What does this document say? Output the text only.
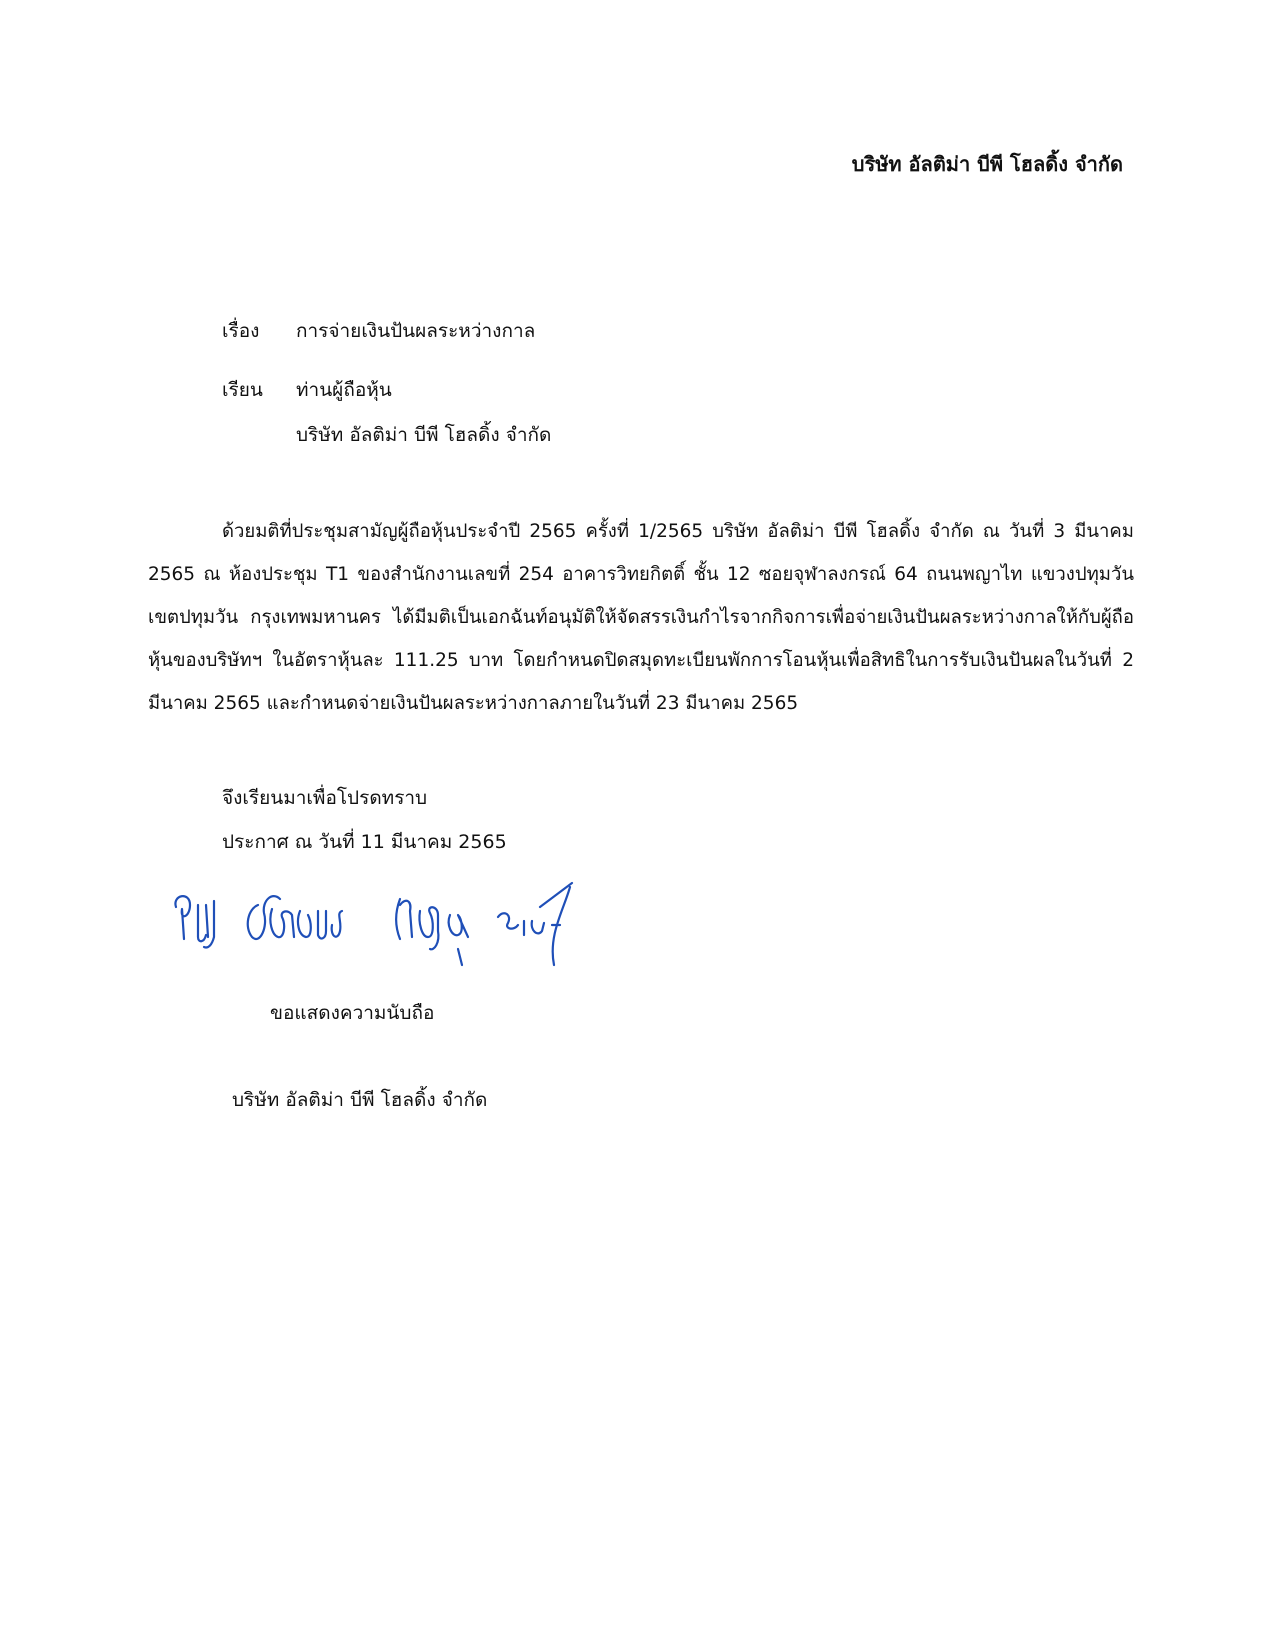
บริษัท อัลติม่า บีพี โฮลดิ้ง จำกัด
เรื่อง การจ่ายเงินปันผลระหว่างกาล
เรียน ท่านผู้ถือหุ้น
บริษัท อัลติม่า บีพี โฮลดิ้ง จำกัด
ด้วยมติที่ประชุมสามัญผู้ถือหุ้นประจำปี 2565 ครั้งที่ 1/2565 บริษัท อัลติม่า บีพี โฮลดิ้ง จำกัด ณ วันที่ 3 มีนาคม 2565 ณ ห้องประชุม T1 ของสำนักงานเลขที่ 254 อาคารวิทยกิตติ์ ชั้น 12 ซอยจุฬาลงกรณ์ 64 ถนนพญาไท แขวงปทุมวัน เขตปทุมวัน กรุงเทพมหานคร ได้มีมติเป็นเอกฉันท์อนุมัติให้จัดสรรเงินกำไรจากกิจการเพื่อจ่ายเงินปันผลระหว่างกาลให้กับผู้ถือหุ้นของบริษัทฯ ในอัตราหุ้นละ 111.25 บาท โดยกำหนดปิดสมุดทะเบียนพักการโอนหุ้นเพื่อสิทธิในการรับเงินปันผลในวันที่ 2 มีนาคม 2565 และกำหนดจ่ายเงินปันผลระหว่างกาลภายในวันที่ 23 มีนาคม 2565
จึงเรียนมาเพื่อโปรดทราบ
ประกาศ ณ วันที่ 11 มีนาคม 2565
ขอแสดงความนับถือ
บริษัท อัลติม่า บีพี โฮลดิ้ง จำกัด
